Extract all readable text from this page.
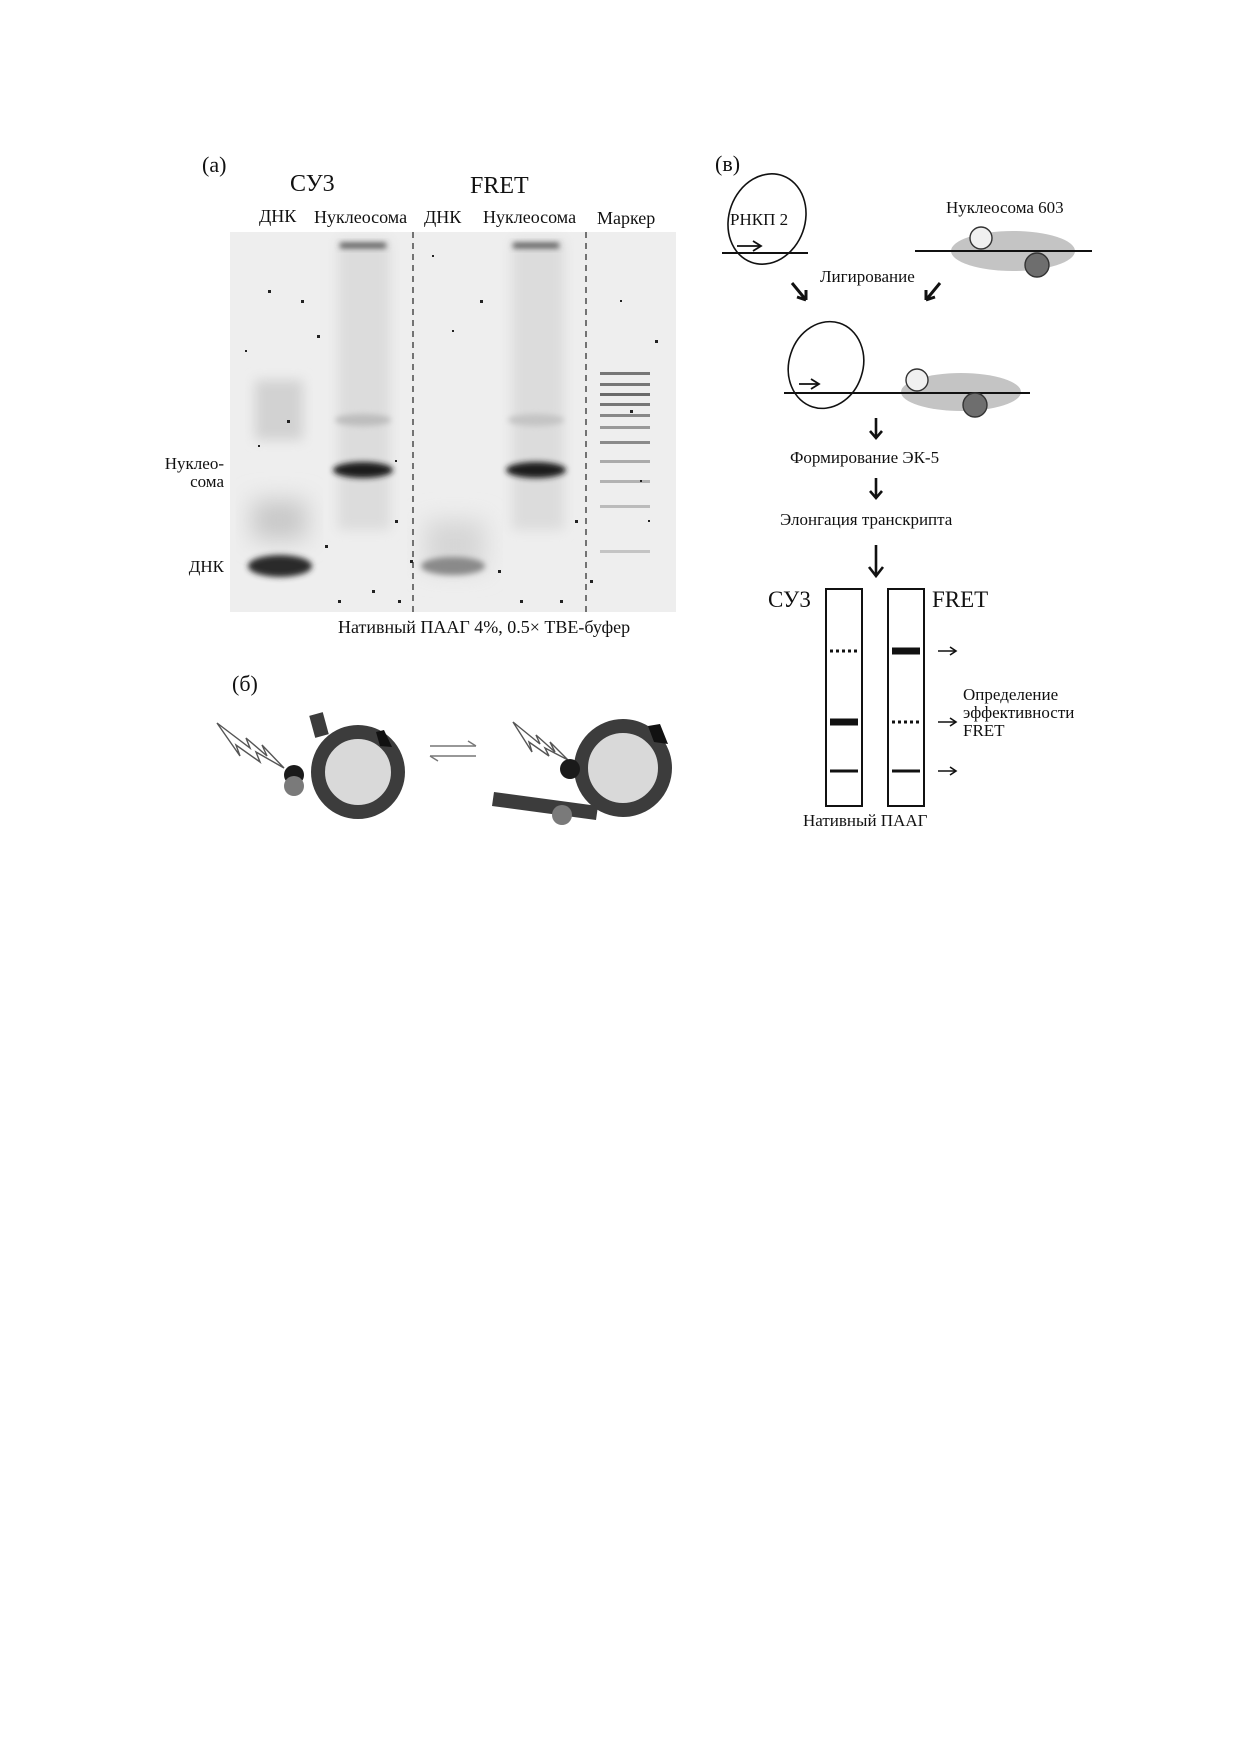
(а)
СУ3	FRET
ДНК Нуклеосома ДНК Нуклеосома Маркер
Нуклео-
сома
ДНК
Нативный ПААГ 4%, 0.5× TBE-буфер
(б)
(в)
РНКП 2
Нуклеосома 603
Лигирование
Формирование ЭК-5
Элонгация транскрипта
СУ3	FRET
FRET
Определение
эффективности
Нативный ПААГ
